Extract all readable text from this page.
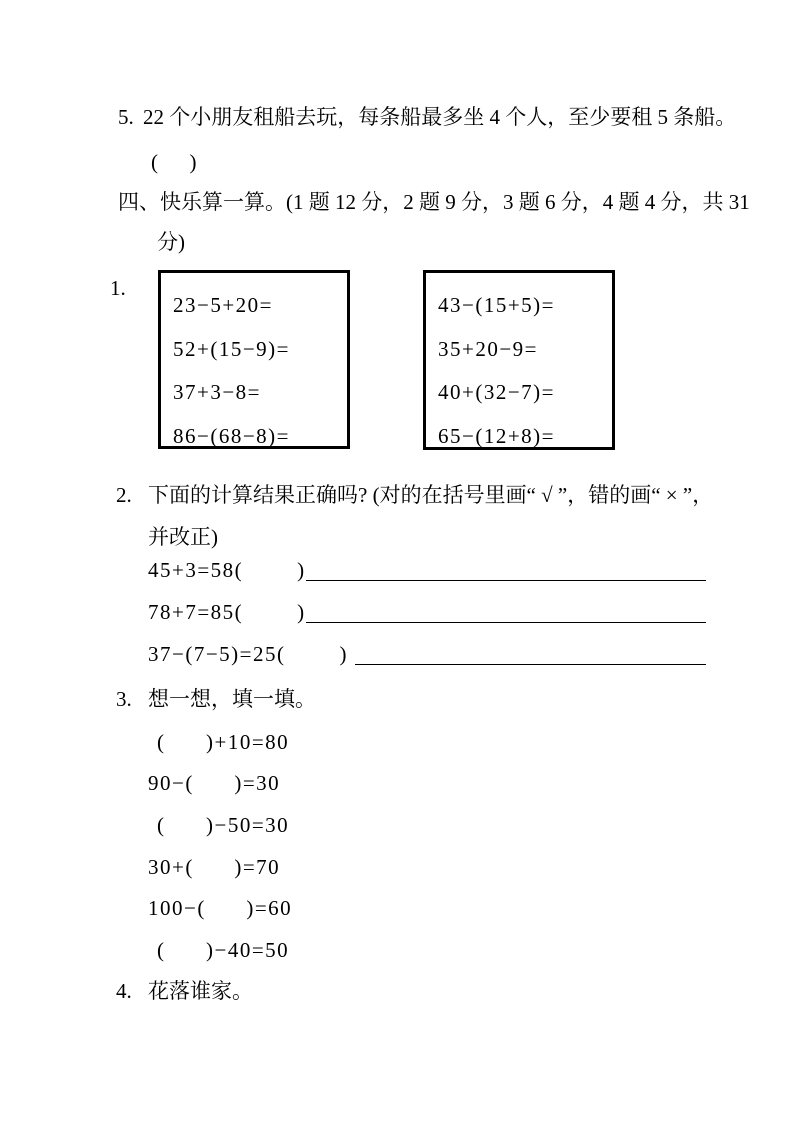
5. 22 个小朋友租船去玩，每条船最多坐 4 个人，至少要租 5 条船。
(      )
四、快乐算一算。(1 题 12 分，2 题 9 分，3 题 6 分，4 题 4 分，共 31
分)
1.
23−5+20=
52+(15−9)=
37+3−8=
86−(68−8)=
43−(15+5)=
35+20−9=
40+(32−7)=
65−(12+8)=
2. 下面的计算结果正确吗? (对的在括号里画“ √ ”，错的画“ × ”，
并改正)
45+3=58(        )
78+7=85(        )
37−(7−5)=25(        )
3. 想一想，填一填。
(      )+10=80
90−(      )=30
(      )−50=30
30+(      )=70
100−(      )=60
(      )−40=50
4. 花落谁家。
